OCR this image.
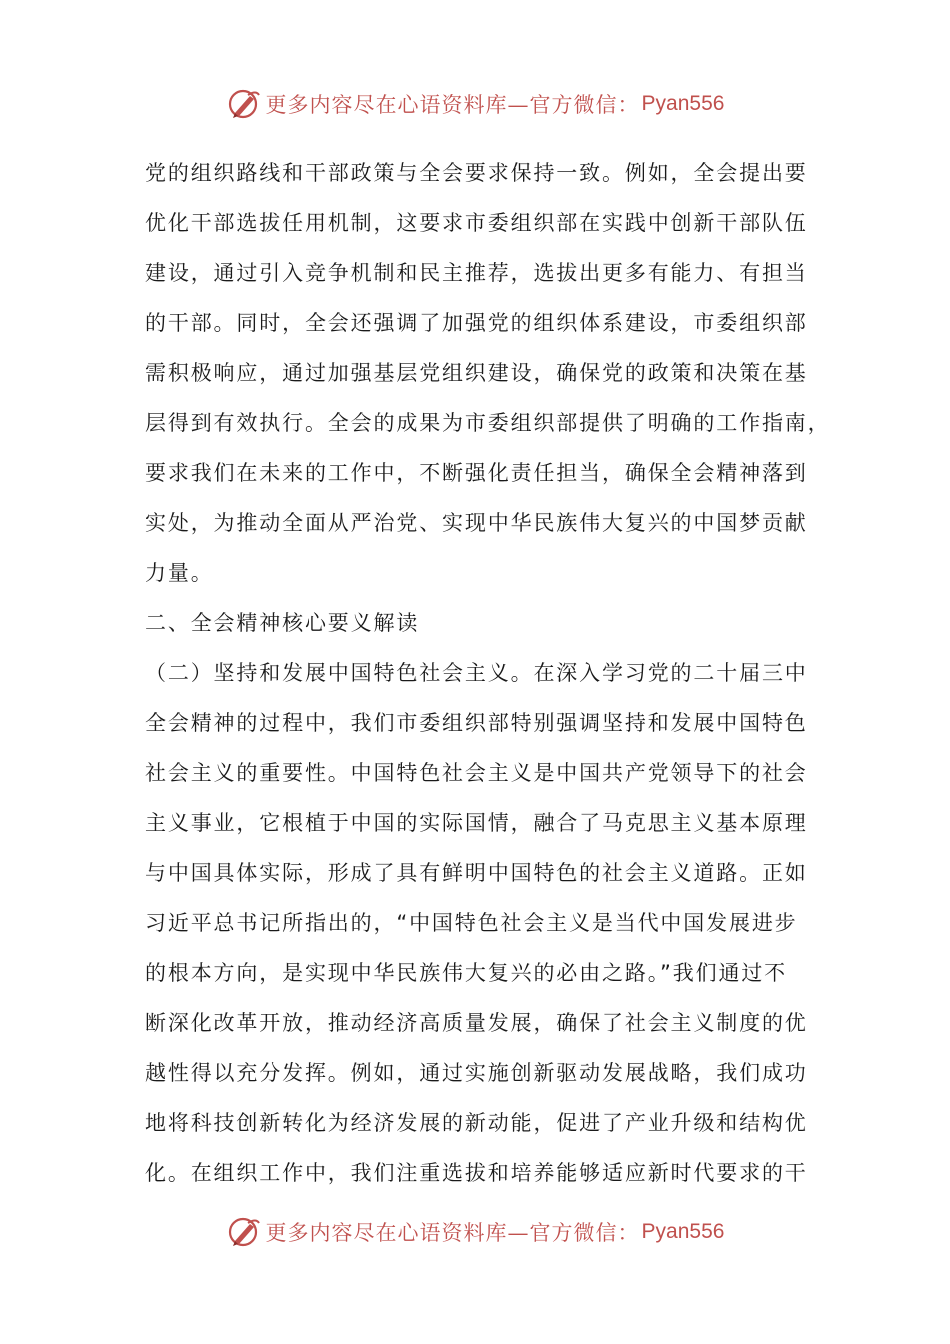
更多内容尽在心语资料库—官方微信： Pyan556
党的组织路线和干部政策与全会要求保持一致。例如，全会提出要
优化干部选拔任用机制，这要求市委组织部在实践中创新干部队伍
建设，通过引入竞争机制和民主推荐，选拔出更多有能力、有担当
的干部。同时，全会还强调了加强党的组织体系建设，市委组织部
需积极响应，通过加强基层党组织建设，确保党的政策和决策在基
层得到有效执行。全会的成果为市委组织部提供了明确的工作指南，
要求我们在未来的工作中，不断强化责任担当，确保全会精神落到
实处，为推动全面从严治党、实现中华民族伟大复兴的中国梦贡献
力量。
二、全会精神核心要义解读
（二）坚持和发展中国特色社会主义。在深入学习党的二十届三中
全会精神的过程中，我们市委组织部特别强调坚持和发展中国特色
社会主义的重要性。中国特色社会主义是中国共产党领导下的社会
主义事业，它根植于中国的实际国情，融合了马克思主义基本原理
与中国具体实际，形成了具有鲜明中国特色的社会主义道路。正如
习近平总书记所指出的，“中国特色社会主义是当代中国发展进步
的根本方向，是实现中华民族伟大复兴的必由之路。”我们通过不
断深化改革开放，推动经济高质量发展，确保了社会主义制度的优
越性得以充分发挥。例如，通过实施创新驱动发展战略，我们成功
地将科技创新转化为经济发展的新动能，促进了产业升级和结构优
化。在组织工作中，我们注重选拔和培养能够适应新时代要求的干
更多内容尽在心语资料库—官方微信： Pyan556
